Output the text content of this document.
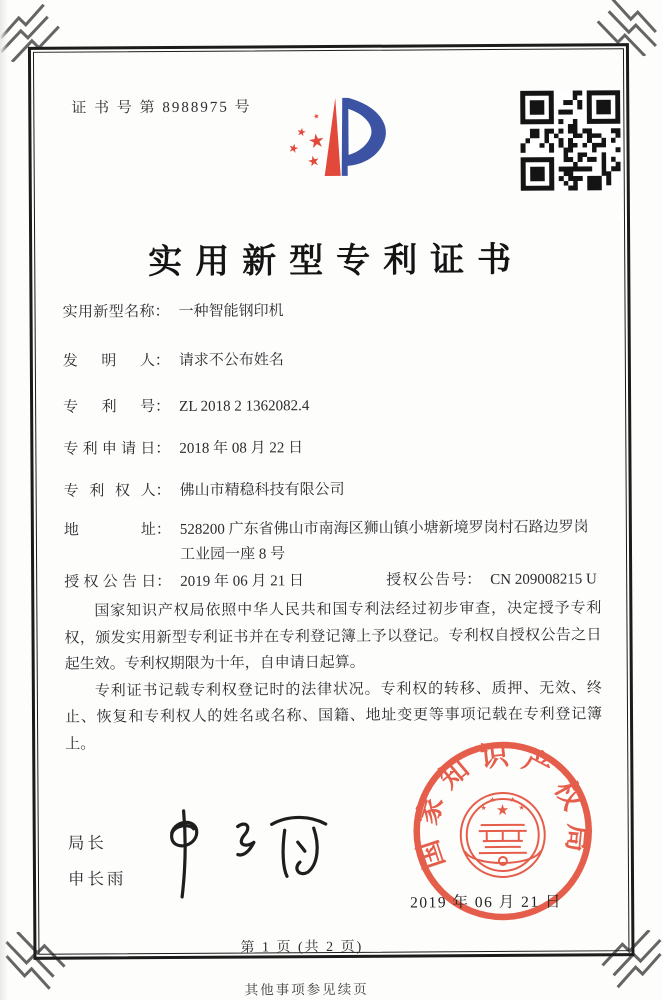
证 书 号 第 8988975 号	★
★ ★
★
★
实用新型专利证书
实用新型名称 ： 一种智能钢印机
发明人 ： 请求不公布姓名
专利号 ： ZL 2018 2 1362082.4
专利申请日 ： 2018 年 08 月 22 日
专利权人 ： 佛山市精稳科技有限公司
地址 ： 528200 广东省佛山市南海区狮山镇小塘新境罗岗村石路边罗岗工业园一座 8 号
授权公告日 ： 2019 年 06 月 21 日	授权公告号 ： CN 209008215 U

国家知识产权局依照中华人民共和国专利法经过初步审查，决定授予专利权，颁发实用新型专利证书并在专利登记簿上予以登记。专利权自授权公告之日起生效。专利权期限为十年，自申请日起算。

专利证书记载专利权登记时的法律状况。专利权的转移、质押、无效、终止、恢复和专利权人的姓名或名称、国籍、地址变更等事项记载在专利登记簿上。

局长
申长雨
国家知识产权局
★
★
★ ★
★
2019 年 06 月 21 日
第 1 页 (共 2 页)
其他事项参见续页
